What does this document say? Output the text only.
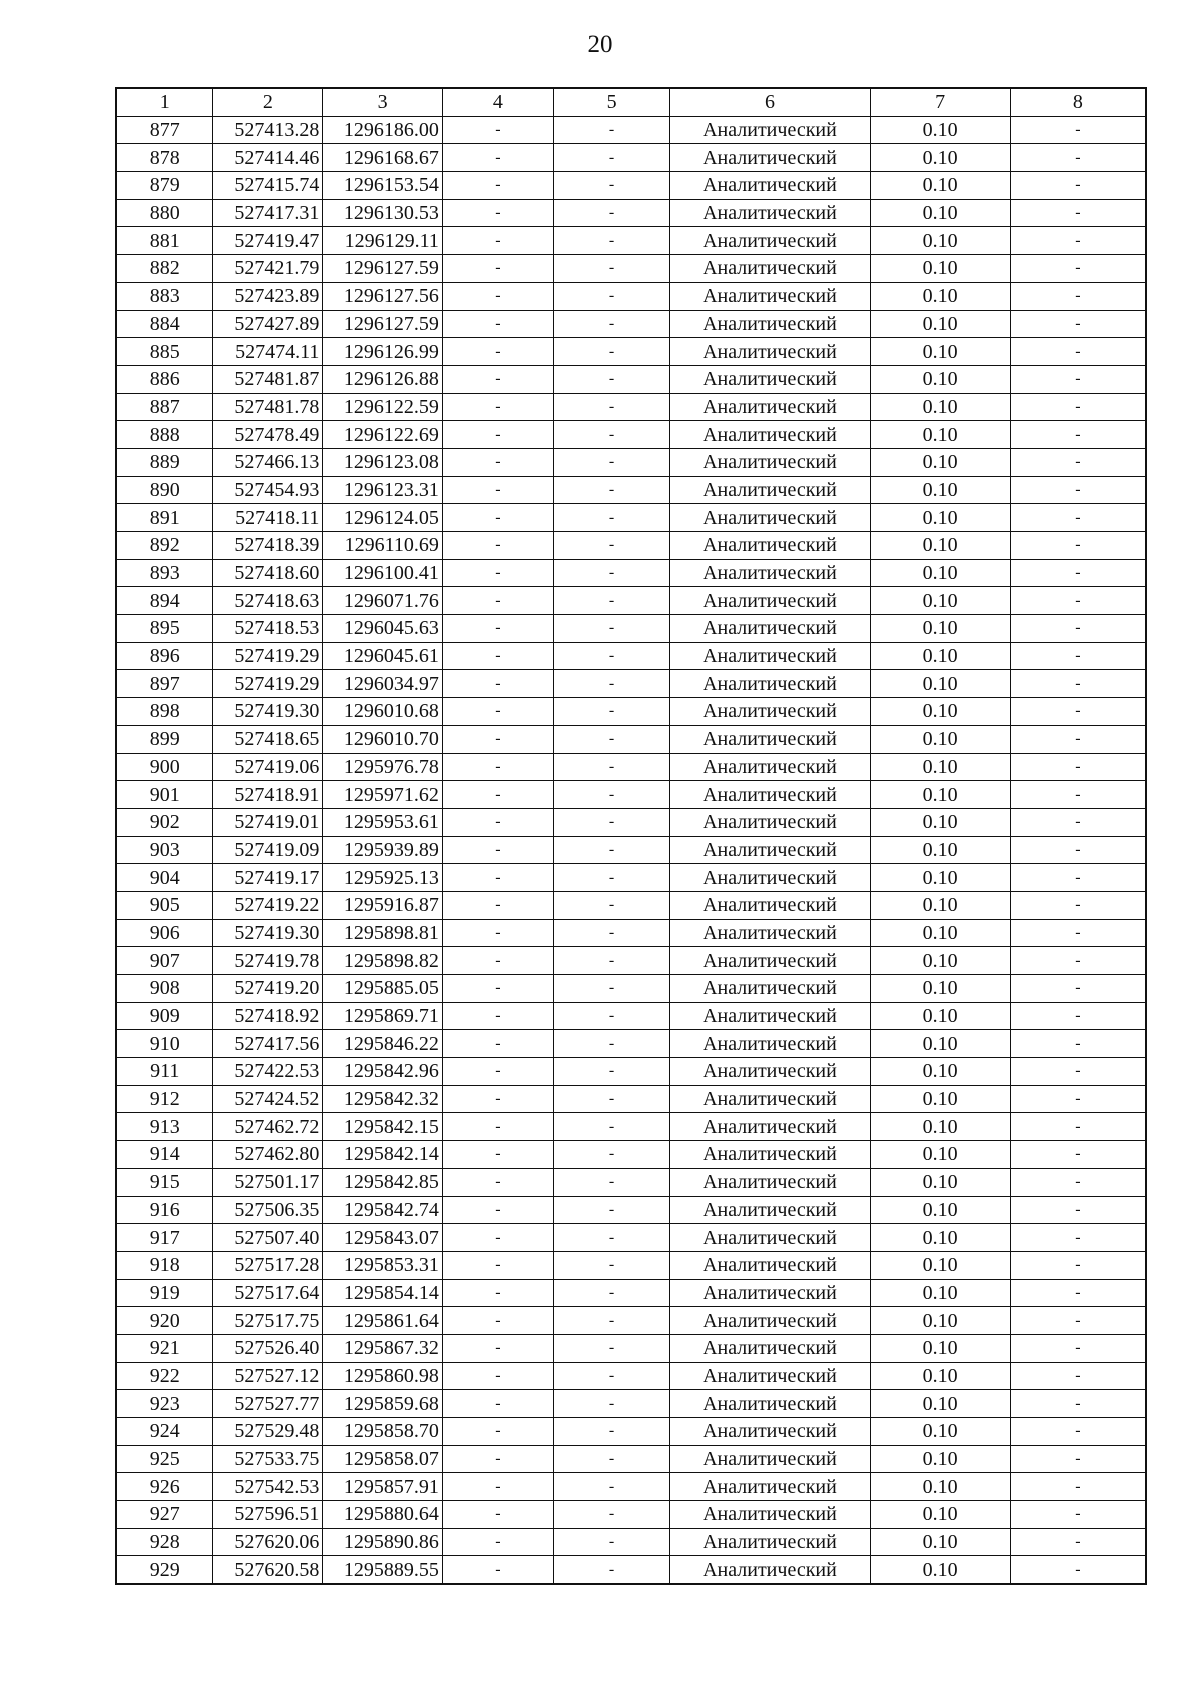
20
1	2	3	4	5	6	7	8
877	527413.28	1296186.00	-	-	Аналитический	0.10	-
878	527414.46	1296168.67	-	-	Аналитический	0.10	-
879	527415.74	1296153.54	-	-	Аналитический	0.10	-
880	527417.31	1296130.53	-	-	Аналитический	0.10	-
881	527419.47	1296129.11	-	-	Аналитический	0.10	-
882	527421.79	1296127.59	-	-	Аналитический	0.10	-
883	527423.89	1296127.56	-	-	Аналитический	0.10	-
884	527427.89	1296127.59	-	-	Аналитический	0.10	-
885	527474.11	1296126.99	-	-	Аналитический	0.10	-
886	527481.87	1296126.88	-	-	Аналитический	0.10	-
887	527481.78	1296122.59	-	-	Аналитический	0.10	-
888	527478.49	1296122.69	-	-	Аналитический	0.10	-
889	527466.13	1296123.08	-	-	Аналитический	0.10	-
890	527454.93	1296123.31	-	-	Аналитический	0.10	-
891	527418.11	1296124.05	-	-	Аналитический	0.10	-
892	527418.39	1296110.69	-	-	Аналитический	0.10	-
893	527418.60	1296100.41	-	-	Аналитический	0.10	-
894	527418.63	1296071.76	-	-	Аналитический	0.10	-
895	527418.53	1296045.63	-	-	Аналитический	0.10	-
896	527419.29	1296045.61	-	-	Аналитический	0.10	-
897	527419.29	1296034.97	-	-	Аналитический	0.10	-
898	527419.30	1296010.68	-	-	Аналитический	0.10	-
899	527418.65	1296010.70	-	-	Аналитический	0.10	-
900	527419.06	1295976.78	-	-	Аналитический	0.10	-
901	527418.91	1295971.62	-	-	Аналитический	0.10	-
902	527419.01	1295953.61	-	-	Аналитический	0.10	-
903	527419.09	1295939.89	-	-	Аналитический	0.10	-
904	527419.17	1295925.13	-	-	Аналитический	0.10	-
905	527419.22	1295916.87	-	-	Аналитический	0.10	-
906	527419.30	1295898.81	-	-	Аналитический	0.10	-
907	527419.78	1295898.82	-	-	Аналитический	0.10	-
908	527419.20	1295885.05	-	-	Аналитический	0.10	-
909	527418.92	1295869.71	-	-	Аналитический	0.10	-
910	527417.56	1295846.22	-	-	Аналитический	0.10	-
911	527422.53	1295842.96	-	-	Аналитический	0.10	-
912	527424.52	1295842.32	-	-	Аналитический	0.10	-
913	527462.72	1295842.15	-	-	Аналитический	0.10	-
914	527462.80	1295842.14	-	-	Аналитический	0.10	-
915	527501.17	1295842.85	-	-	Аналитический	0.10	-
916	527506.35	1295842.74	-	-	Аналитический	0.10	-
917	527507.40	1295843.07	-	-	Аналитический	0.10	-
918	527517.28	1295853.31	-	-	Аналитический	0.10	-
919	527517.64	1295854.14	-	-	Аналитический	0.10	-
920	527517.75	1295861.64	-	-	Аналитический	0.10	-
921	527526.40	1295867.32	-	-	Аналитический	0.10	-
922	527527.12	1295860.98	-	-	Аналитический	0.10	-
923	527527.77	1295859.68	-	-	Аналитический	0.10	-
924	527529.48	1295858.70	-	-	Аналитический	0.10	-
925	527533.75	1295858.07	-	-	Аналитический	0.10	-
926	527542.53	1295857.91	-	-	Аналитический	0.10	-
927	527596.51	1295880.64	-	-	Аналитический	0.10	-
928	527620.06	1295890.86	-	-	Аналитический	0.10	-
929	527620.58	1295889.55	-	-	Аналитический	0.10	-
